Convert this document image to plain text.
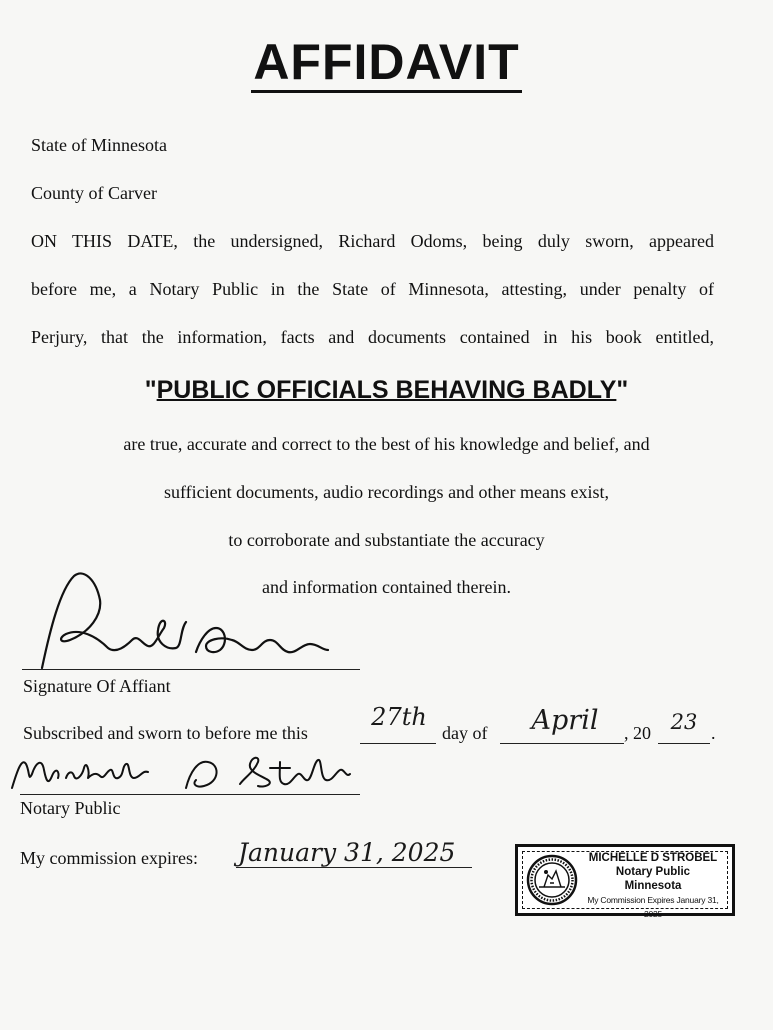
AFFIDAVIT
State of Minnesota
County of Carver
ON THIS DATE, the undersigned, Richard Odoms, being duly sworn, appeared
before me, a Notary Public in the State of Minnesota, attesting, under penalty of
Perjury, that the information, facts and documents contained in his book entitled,
"PUBLIC OFFICIALS BEHAVING BADLY"
are true, accurate and correct to the best of his knowledge and belief, and
sufficient documents, audio recordings and other means exist,
to corroborate and substantiate the accuracy
and information contained therein.
Signature Of Affiant
Subscribed and sworn to before me this
27th
day of	April	, 20 23 .
Notary Public
My commission expires: January 31, 2025	MICHELLE D STROBEL
Notary Public
Minnesota
My Commission Expires January 31, 2025
